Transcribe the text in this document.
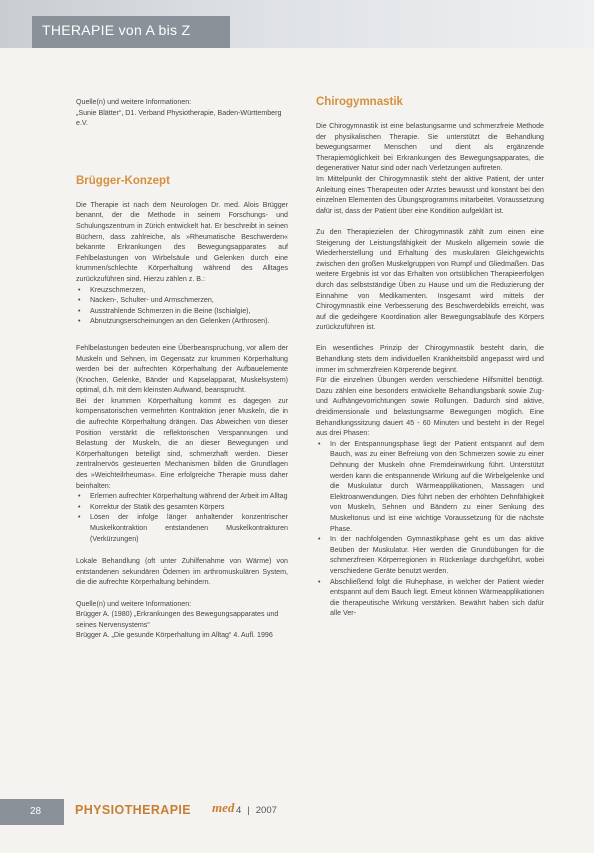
THERAPIE von A bis Z
Quelle(n) und weitere Informationen:
„Sunie Blätter“, D1. Verband Physiotherapie, Baden-Württemberg e.V.
Brügger-Konzept

Die Therapie ist nach dem Neurologen Dr. med. Alois Brügger benannt, der die Methode in seinem Forschungs- und Schulungszentrum in Zürich entwickelt hat. Er beschreibt in seinen Büchern, dass zahlreiche, als »Rheumatische Beschwerden« bekannte Erkrankungen des Bewegungsapparates auf Fehlbelastungen von Wirbelsäule und Gelenken durch eine krummen/schlechte Körperhaltung während des Alltages zurückzuführen sind. Hierzu zählen z. B.:

• Kreuzschmerzen,
• Nacken-, Schulter- und Armschmerzen,
• Ausstrahlende Schmerzen in die Beine (Ischialgie),
• Abnutzungserscheinungen an den Gelenken (Arthrosen).

Fehlbelastungen bedeuten eine Überbeanspruchung, vor allem der Muskeln und Sehnen, im Gegensatz zur krummen Körperhaltung werden bei der aufrechten Körperhaltung der Aufbauelemente (Knochen, Gelenke, Bänder und Kapselapparat, Muskelsystem) optimal, d.h. mit dem kleinsten Aufwand, beansprucht.

Bei der krummen Körperhaltung kommt es dagegen zur kompensatorischen vermehrten Kontraktion jener Muskeln, die in die aufrechte Körperhaltung drängen. Das Abweichen von dieser Position verstärkt die reflektorischen Verspannungen und Belastung der Muskeln, die an dieser Bewegungen und Körperhaltungen beteiligt sind, schmerzhaft werden. Dieser zentralnervös gesteuerten Mechanismen bilden die Grundlagen des »Weichteilrheumas«. Eine erfolgreiche Therapie muss daher beinhalten:

• Erlernen aufrechter Körperhaltung während der Arbeit im Alltag
• Korrektur der Statik des gesamten Körpers
• Lösen der infolge länger anhaltender konzentrischer Muskelkontraktion entstandenen Muskelkontrakturen (Verkürzungen)

Lokale Behandlung (oft unter Zuhilfenahme von Wärme) von entstandenen sekundären Ödemen im arthromuskulären System, die die aufrechte Körperhaltung behindern.

Quelle(n) und weitere Informationen:
Brügger A. (1980) „Erkrankungen des Bewegungsapparates und seines Nervensystems“
Brügger A. „Die gesunde Körperhaltung im Alltag“ 4. Aufl. 1996
Chirogymnastik

Die Chirogymnastik ist eine belastungsarme und schmerzfreie Methode der physikalischen Therapie. Sie unterstützt die Behandlung bewegungsarmer Menschen und dient als ergänzende Therapiemöglichkeit bei Erkrankungen des Bewegungsapparates, die degenerativer Natur sind oder nach Verletzungen auftreten.

Im Mittelpunkt der Chirogymnastik steht der aktive Patient, der unter Anleitung eines Therapeuten oder Arztes bewusst und konstant bei den einzelnen Elementen des Übungsprogramms mitarbeitet. Voraussetzung dafür ist, dass der Patient über eine Kondition aufgeklärt ist.

Zu den Therapiezielen der Chirogymnastik zählt zum einen eine Steigerung der Leistungsfähigkeit der Muskeln allgemein sowie die Wiederherstellung und Erhaltung des muskulären Gleichgewichts zwischen den großen Muskelgruppen von Rumpf und Gliedmaßen. Das weitere Ergebnis ist vor das Erhalten von ortsüblichen Therapieerfolgen durch das selbstständige Üben zu Hause und um die Reduzierung der Einnahme von Medikamenten. Insgesamt wird mittels der Chirogymnastik eine Verbesserung des Beschwerdebilds erreicht, was auf die gedeihgere Koordination aller Bewegungsabläufe des Körpers zurückzuführen ist.

Ein wesentliches Prinzip der Chirogymnastik besteht darin, die Behandlung stets dem individuellen Krankheitsbild angepasst wird und immer im schmerzfreien Körperende beginnt.

Für die einzelnen Übungen werden verschiedene Hilfsmittel benötigt. Dazu zählen eine besonders entwickelte Behandlungsbank sowie Zug- und Aufhängevorrichtungen sowie Rollungen. Dadurch sind aktive, dreidimensionale und belastungsarme Bewegungen möglich. Eine Behandlungssitzung dauert 45 - 60 Minuten und besteht in der Regel aus drei Phasen:

• In der Entspannungsphase liegt der Patient entspannt auf dem Bauch, was zu einer Befreiung von den Schmerzen sowie zu einer Dehnung der Muskeln ohne Fremdeinwirkung führt. Unterstützt werden kann die entspannende Wirkung auf die Wirbelgelenke und die Muskulatur durch Wärmeapplikationen, Massagen und Elektroanwendungen. Dies führt neben der erhöhten Dehnfähigkeit von Muskeln, Sehnen und Bändern zu einer Senkung des Muskeltonus und ist eine wichtige Voraussetzung für die nächste Phase.
• In der nachfolgenden Gymnastikphase geht es um das aktive Beüben der Muskulatur. Hier werden die Grundübungen für die schmerzfreien Körperregionen in Rückenlage durchgeführt, wobei verschiedene Geräte benutzt werden.
• Abschließend folgt die Ruhephase, in welcher der Patient wieder entspannt auf dem Bauch liegt. Erneut können Wärmeapplikationen die therapeutische Wirkung verstärken. Bewährt haben sich dafür alle Ver-
28	PHYSIOTHERAPIE med 4 | 2007
